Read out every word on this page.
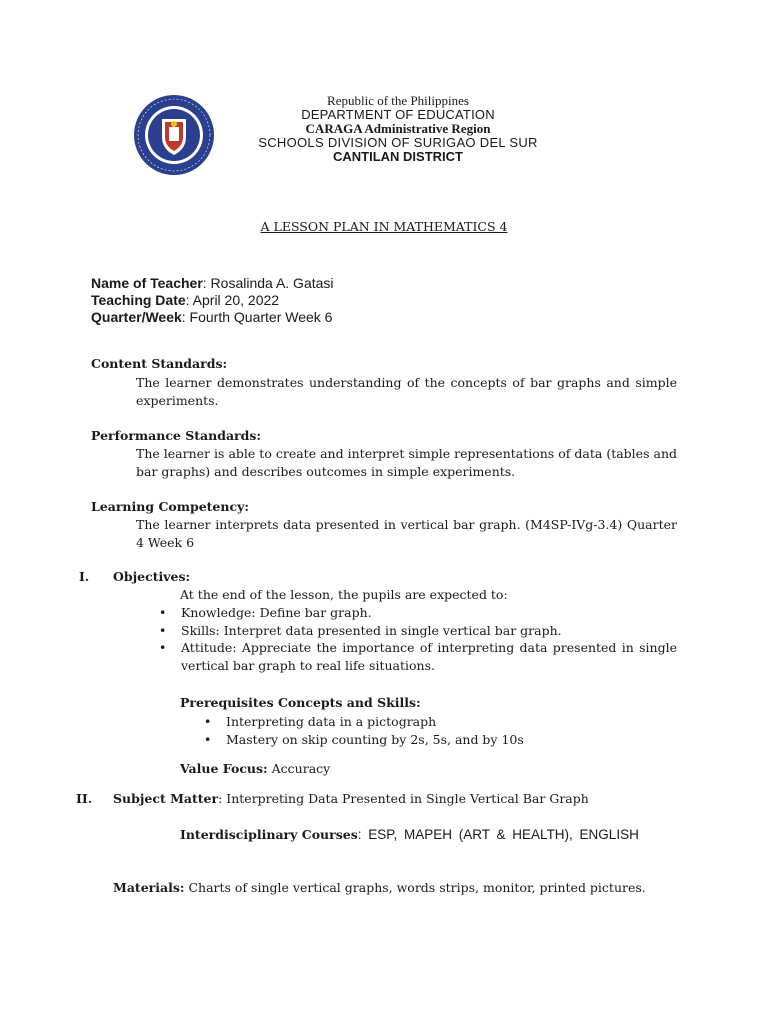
Republic of the Philippines
DEPARTMENT OF EDUCATION
CARAGA Administrative Region
SCHOOLS DIVISION OF SURIGAO DEL SUR
CANTILAN DISTRICT
A LESSON PLAN IN MATHEMATICS 4
Name of Teacher: Rosalinda A. Gatasi
Teaching Date: April 20, 2022
Quarter/Week: Fourth Quarter Week 6
Content Standards:
The learner demonstrates understanding of the concepts of bar graphs and simple experiments.
Performance Standards:
The learner is able to create and interpret simple representations of data (tables and bar graphs) and describes outcomes in simple experiments.
Learning Competency:
The learner interprets data presented in vertical bar graph. (M4SP-IVg-3.4) Quarter 4 Week 6
I. Objectives:
At the end of the lesson, the pupils are expected to:
• Knowledge: Define bar graph.
• Skills: Interpret data presented in single vertical bar graph.
• Attitude: Appreciate the importance of interpreting data presented in single vertical bar graph to real life situations.
Prerequisites Concepts and Skills:
• Interpreting data in a pictograph
• Mastery on skip counting by 2s, 5s, and by 10s
Value Focus: Accuracy
II. Subject Matter: Interpreting Data Presented in Single Vertical Bar Graph
Interdisciplinary Courses: ESP, MAPEH (ART & HEALTH), ENGLISH
Materials: Charts of single vertical graphs, words strips, monitor, printed pictures.
